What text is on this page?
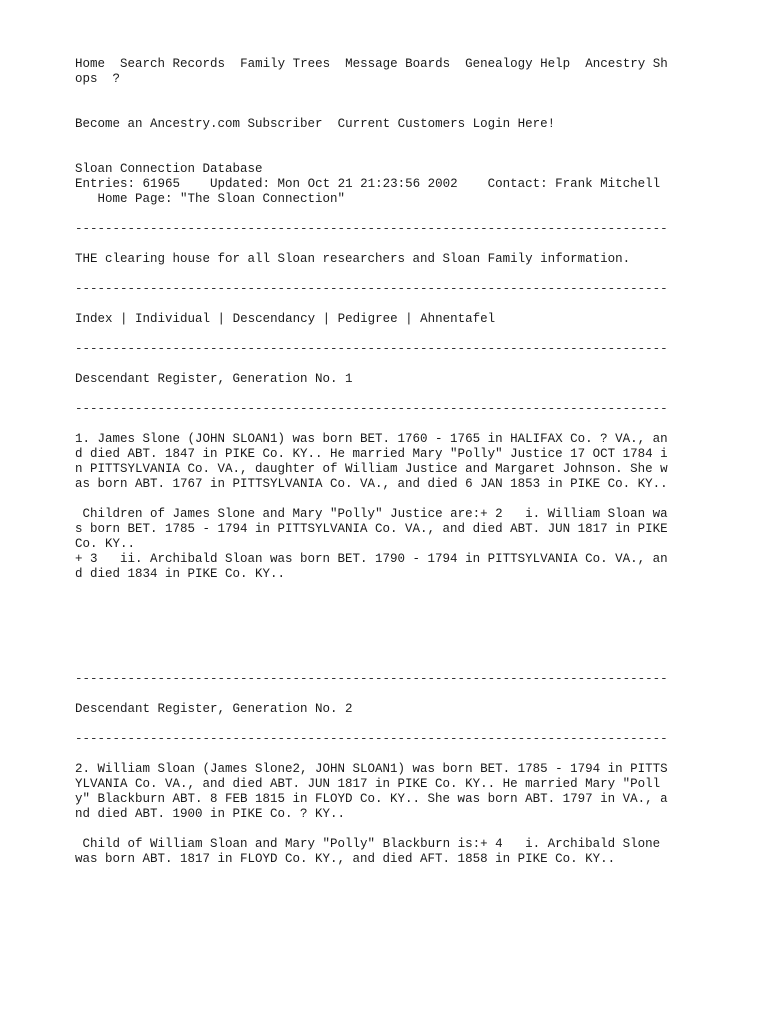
Home Search Records Family Trees Message Boards Genealogy Help Ancestry Shops ?
Become an Ancestry.com Subscriber Current Customers Login Here!
Sloan Connection Database
Entries: 61965 Updated: Mon Oct 21 21:23:56 2002 Contact: Frank Mitchell
Home Page: "The Sloan Connection"
-------------------------------------------------------------------------------
THE clearing house for all Sloan researchers and Sloan Family information.
-------------------------------------------------------------------------------
Index | Individual | Descendancy | Pedigree | Ahnentafel
-------------------------------------------------------------------------------
Descendant Register, Generation No. 1
-------------------------------------------------------------------------------
1. James Slone (JOHN SLOAN1) was born BET. 1760 - 1765 in HALIFAX Co. ? VA., and died ABT. 1847 in PIKE Co. KY.. He married Mary "Polly" Justice 17 OCT 1784 in PITTSYLVANIA Co. VA., daughter of William Justice and Margaret Johnson. She was born ABT. 1767 in PITTSYLVANIA Co. VA., and died 6 JAN 1853 in PIKE Co. KY..
Children of James Slone and Mary "Polly" Justice are:+ 2   i. William Sloan was born BET. 1785 - 1794 in PITTSYLVANIA Co. VA., and died ABT. JUN 1817 in PIKE Co. KY..
+ 3   ii. Archibald Sloan was born BET. 1790 - 1794 in PITTSYLVANIA Co. VA., and died 1834 in PIKE Co. KY..
-------------------------------------------------------------------------------
Descendant Register, Generation No. 2
-------------------------------------------------------------------------------
2. William Sloan (James Slone2, JOHN SLOAN1) was born BET. 1785 - 1794 in PITTSYLVANIA Co. VA., and died ABT. JUN 1817 in PIKE Co. KY.. He married Mary "Polly" Blackburn ABT. 8 FEB 1815 in FLOYD Co. KY.. She was born ABT. 1797 in VA., and died ABT. 1900 in PIKE Co. ? KY..
Child of William Sloan and Mary "Polly" Blackburn is:+ 4   i. Archibald Slone was born ABT. 1817 in FLOYD Co. KY., and died AFT. 1858 in PIKE Co. KY..
